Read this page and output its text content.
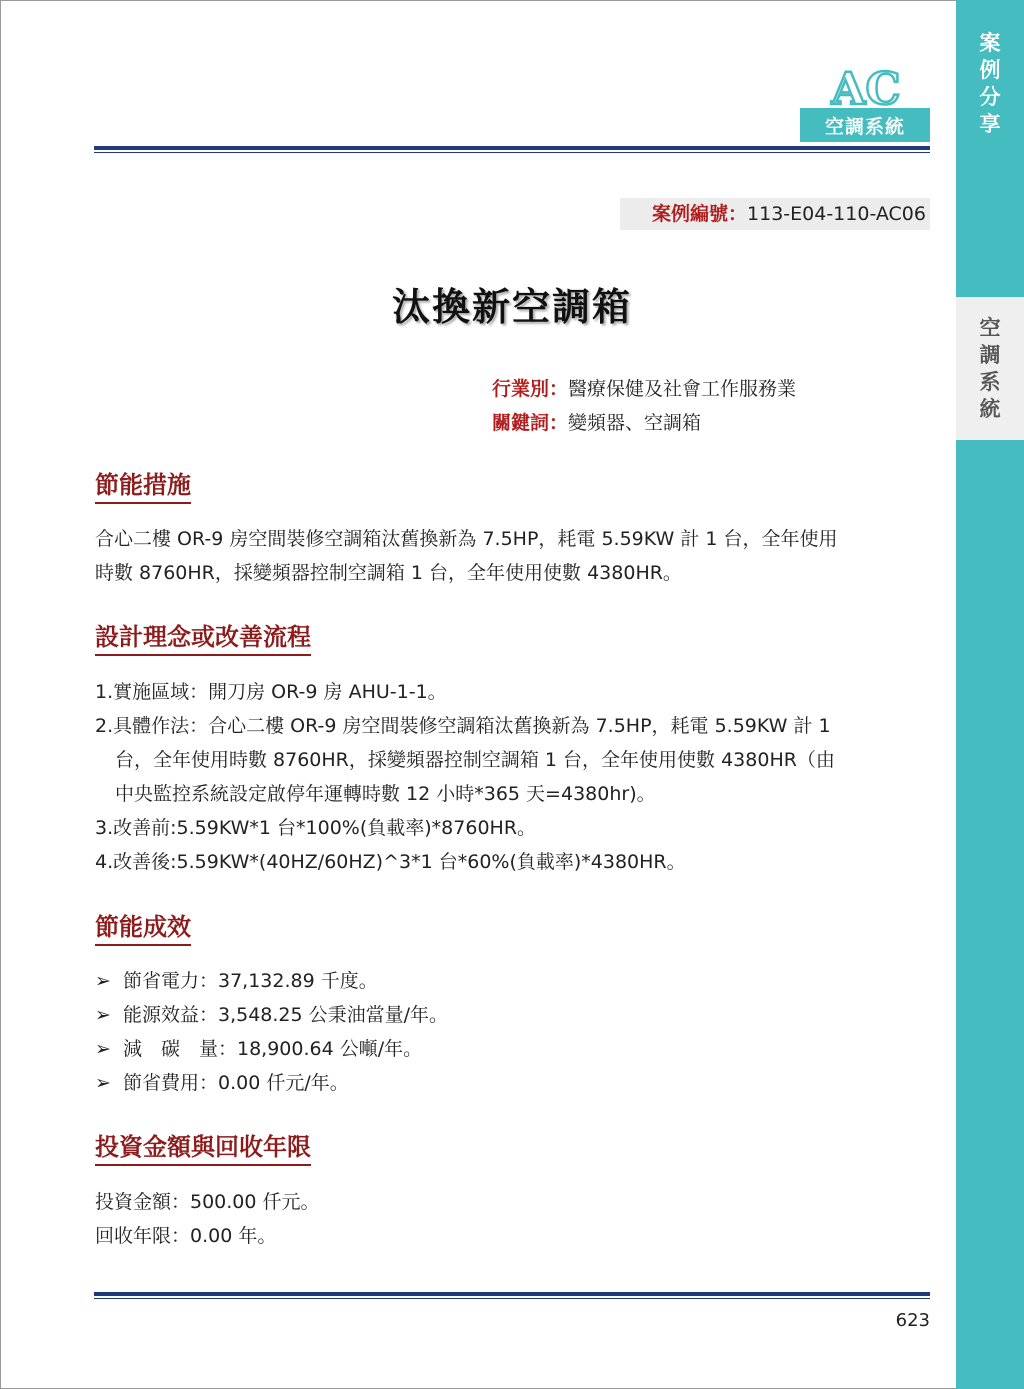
案
例
分
享
空
調
系
統
AC
空調系統
案例編號：113-E04-110-AC06
汰換新空調箱
行業別：醫療保健及社會工作服務業
關鍵詞：變頻器、空調箱
節能措施
合心二樓 OR-9 房空間裝修空調箱汰舊換新為 7.5HP，耗電 5.59KW 計 1 台，全年使用
時數 8760HR，採變頻器控制空調箱 1 台，全年使用使數 4380HR。
設計理念或改善流程
1.實施區域：開刀房 OR-9 房 AHU-1-1。
2.具體作法：合心二樓 OR-9 房空間裝修空調箱汰舊換新為 7.5HP，耗電 5.59KW 計 1
台，全年使用時數 8760HR，採變頻器控制空調箱 1 台，全年使用使數 4380HR（由
中央監控系統設定啟停年運轉時數 12 小時*365 天=4380hr)。
3.改善前:5.59KW*1 台*100%(負載率)*8760HR。
4.改善後:5.59KW*(40HZ/60HZ)^3*1 台*60%(負載率)*4380HR。
節能成效
➢ 節省電力：37,132.89 千度。
➢ 能源效益：3,548.25 公秉油當量/年。
➢ 減　碳　量：18,900.64 公噸/年。
➢ 節省費用：0.00 仟元/年。
投資金額與回收年限
投資金額：500.00 仟元。
回收年限：0.00 年。
623
